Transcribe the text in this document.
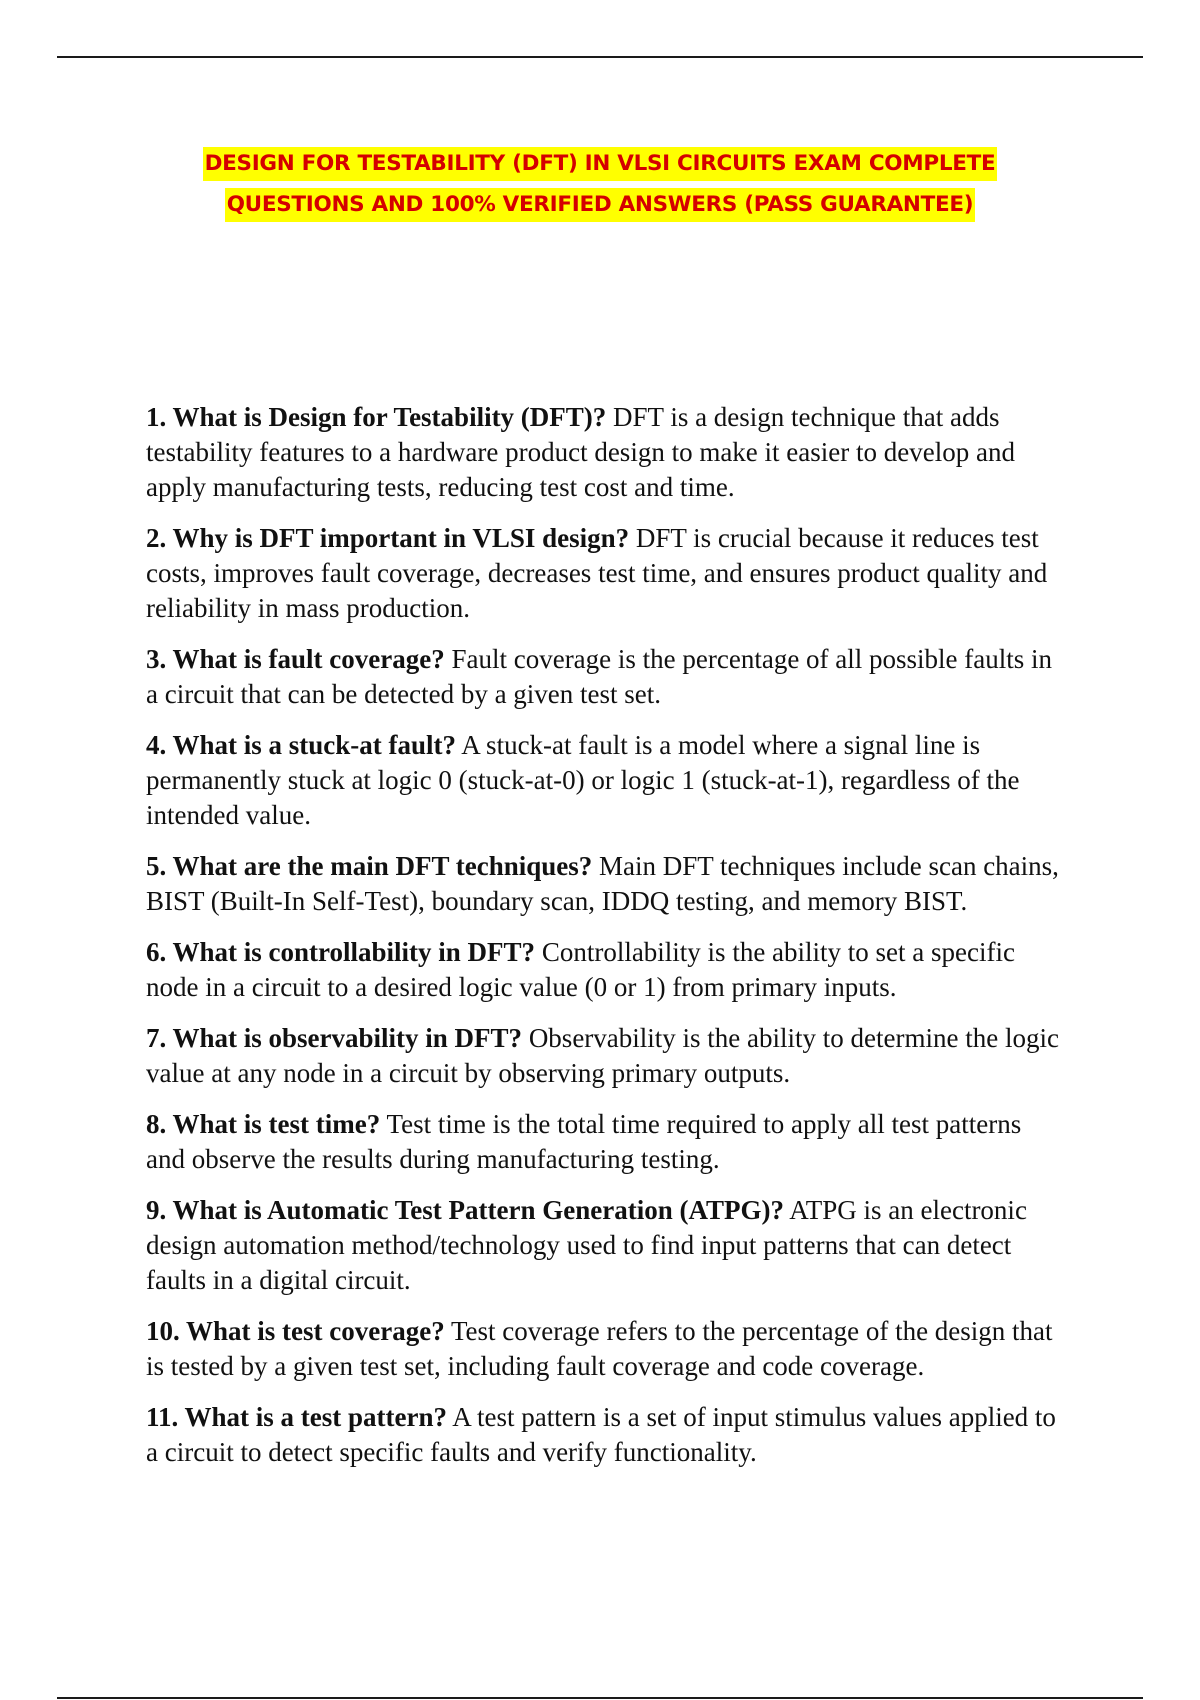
DESIGN FOR TESTABILITY (DFT) IN VLSI CIRCUITS EXAM COMPLETE
QUESTIONS AND 100% VERIFIED ANSWERS (PASS GUARANTEE)

1. What is Design for Testability (DFT)? DFT is a design technique that adds testability features to a hardware product design to make it easier to develop and apply manufacturing tests, reducing test cost and time.

2. Why is DFT important in VLSI design? DFT is crucial because it reduces test costs, improves fault coverage, decreases test time, and ensures product quality and reliability in mass production.

3. What is fault coverage? Fault coverage is the percentage of all possible faults in a circuit that can be detected by a given test set.

4. What is a stuck-at fault? A stuck-at fault is a model where a signal line is permanently stuck at logic 0 (stuck-at-0) or logic 1 (stuck-at-1), regardless of the intended value.

5. What are the main DFT techniques? Main DFT techniques include scan chains, BIST (Built-In Self-Test), boundary scan, IDDQ testing, and memory BIST.

6. What is controllability in DFT? Controllability is the ability to set a specific node in a circuit to a desired logic value (0 or 1) from primary inputs.

7. What is observability in DFT? Observability is the ability to determine the logic value at any node in a circuit by observing primary outputs.

8. What is test time? Test time is the total time required to apply all test patterns and observe the results during manufacturing testing.

9. What is Automatic Test Pattern Generation (ATPG)? ATPG is an electronic design automation method/technology used to find input patterns that can detect faults in a digital circuit.

10. What is test coverage? Test coverage refers to the percentage of the design that is tested by a given test set, including fault coverage and code coverage.

11. What is a test pattern? A test pattern is a set of input stimulus values applied to a circuit to detect specific faults and verify functionality.
